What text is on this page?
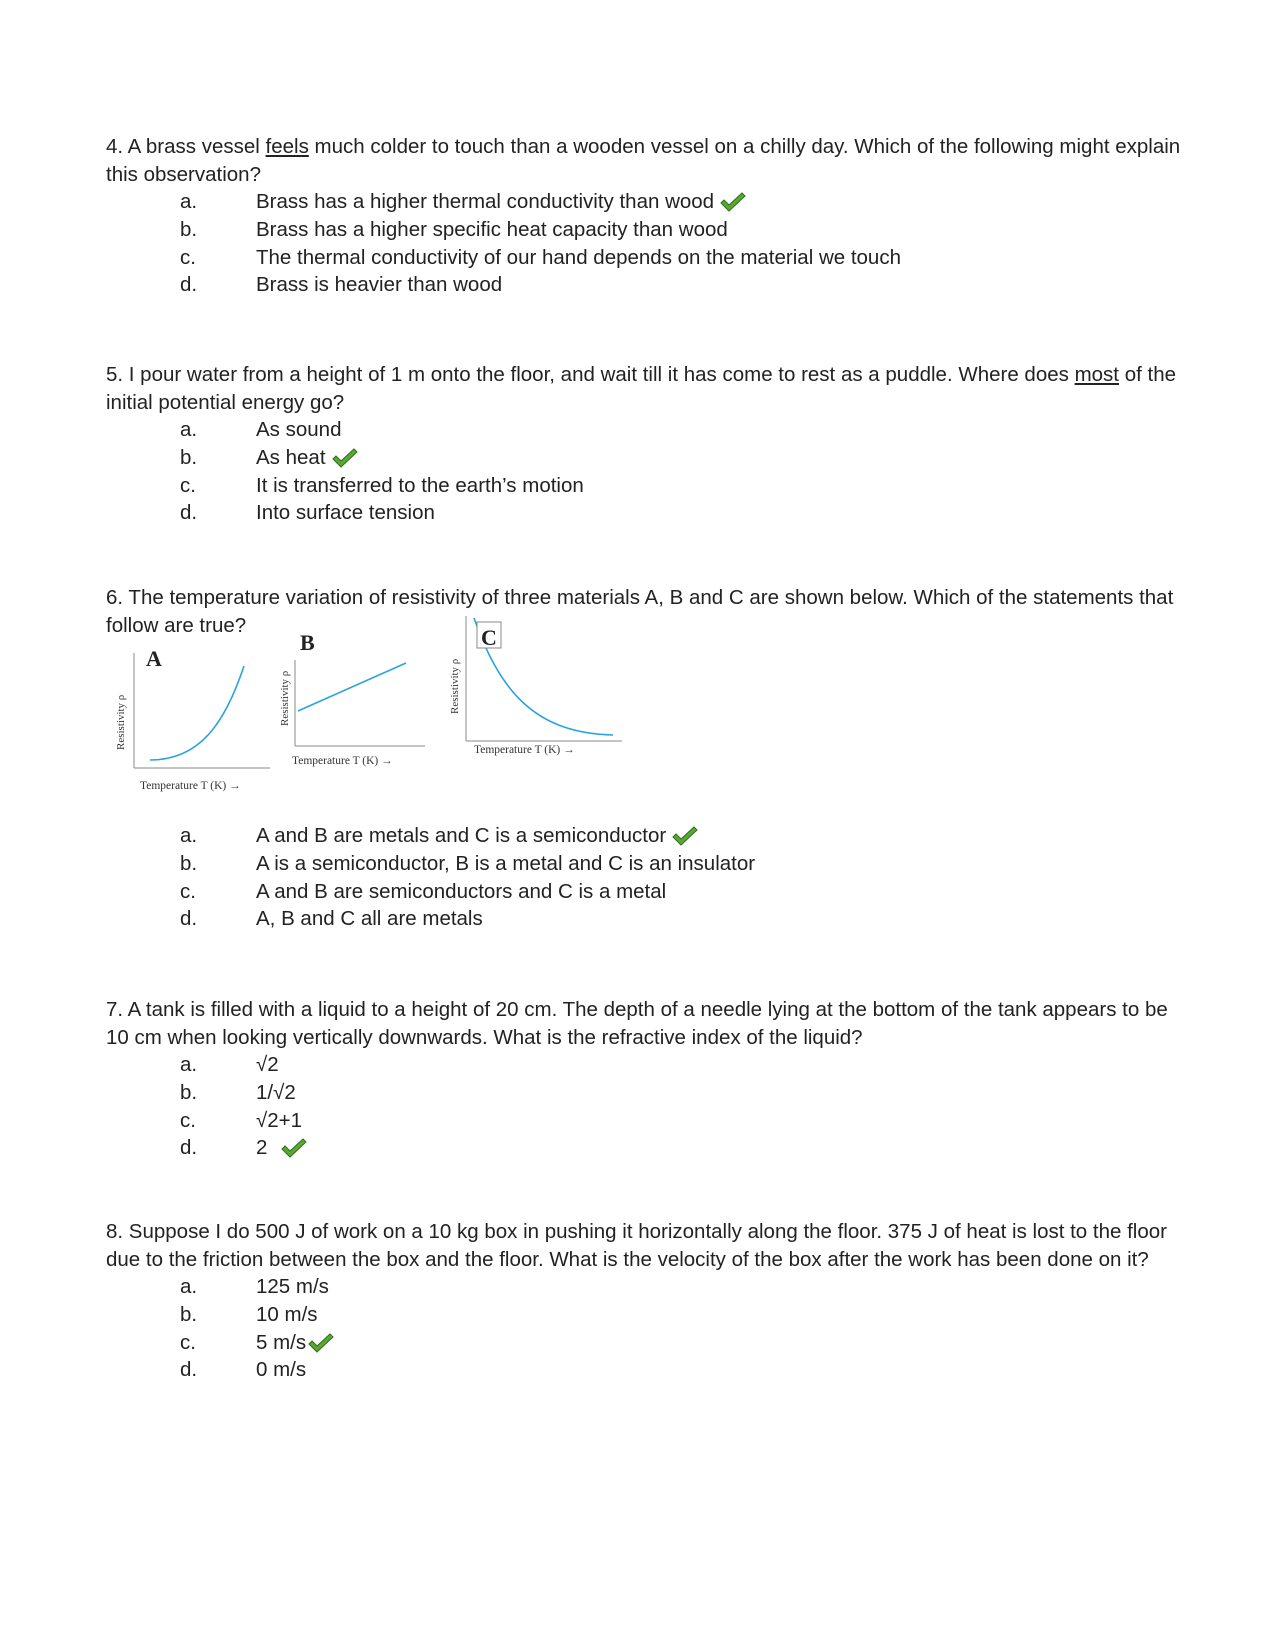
4. A brass vessel feels much colder to touch than a wooden vessel on a chilly day. Which of the following might explain this observation?

a.	Brass has a higher thermal conductivity than wood
b.	Brass has a higher specific heat capacity than wood
c.	The thermal conductivity of our hand depends on the material we touch
d.	Brass is heavier than wood

5. I pour water from a height of 1 m onto the floor, and wait till it has come to rest as a puddle. Where does most of the initial potential energy go?

a.	As sound
b.	As heat
c.	It is transferred to the earth’s motion
d.	Into surface tension

6. The temperature variation of resistivity of three materials A, B and C are shown below. Which of the statements that follow are true?

A
Temperature T (K) →
Resistivity ρ
B
Temperature T (K) →
Resistivity ρ
C
Temperature T (K) →
Resistivity ρ
a.	A and B are metals and C is a semiconductor
b.	A is a semiconductor, B is a metal and C is an insulator
c.	A and B are semiconductors and C is a metal
d.	A, B and C all are metals

7. A tank is filled with a liquid to a height of 20 cm. The depth of a needle lying at the bottom of the tank appears to be 10 cm when looking vertically downwards. What is the refractive index of the liquid?

a.	√2
b.	1/√2
c.	√2+1
d.	2

8. Suppose I do 500 J of work on a 10 kg box in pushing it horizontally along the floor. 375 J of heat is lost to the floor due to the friction between the box and the floor. What is the velocity of the box after the work has been done on it?

a.	125 m/s
b.	10 m/s
c.	5 m/s
d.	0 m/s
